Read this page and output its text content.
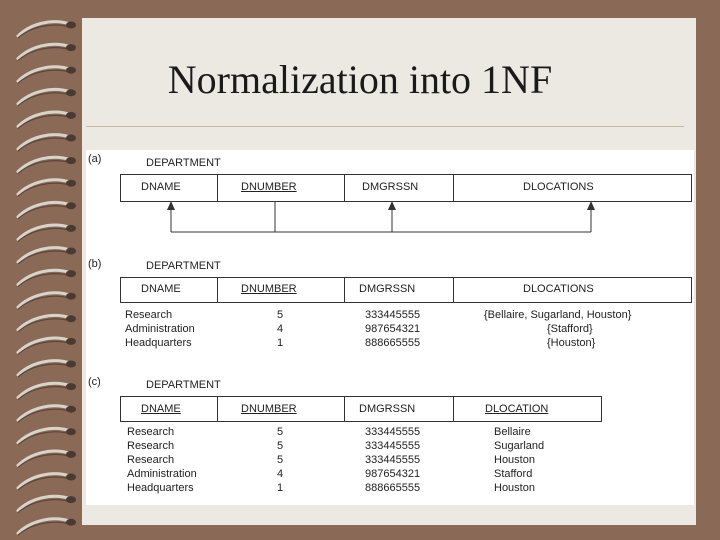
Normalization into 1NF
(a)	DEPARTMENT
DNAME	DNUMBER	DMGRSSN	DLOCATIONS
(b)	DEPARTMENT
DNAME	DNUMBER	DMGRSSN	DLOCATIONS
Research	5	333445555	{Bellaire, Sugarland, Houston}
Administration	4	987654321	{Stafford}
Headquarters	1	888665555	{Houston}
(c)	DEPARTMENT
DNAME	DNUMBER	DMGRSSN	DLOCATION
Research	5	333445555	Bellaire
Research	5	333445555	Sugarland
Research	5	333445555	Houston
Administration	4	987654321	Stafford
Headquarters	1	888665555	Houston
